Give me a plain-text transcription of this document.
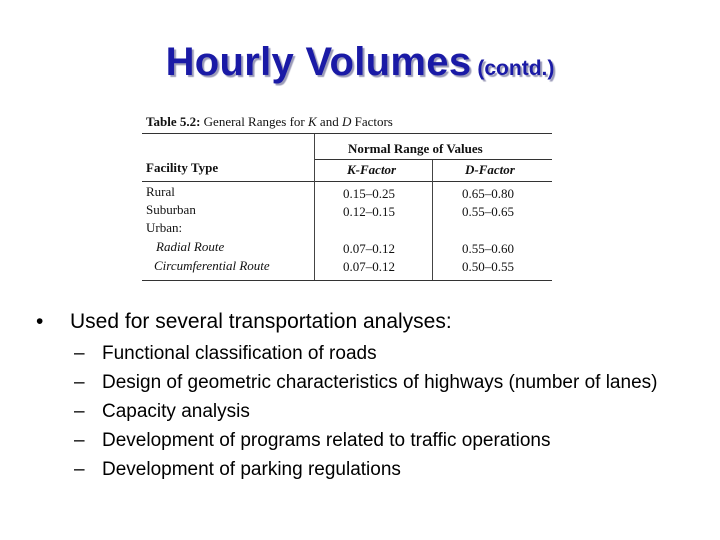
Hourly Volumes (contd.)
Table 5.2: General Ranges for K and D Factors
Normal Range of Values
Facility Type	K-Factor	D-Factor
Rural	0.15–0.25	0.65–0.80
Suburban	0.12–0.15	0.55–0.65
Urban:
Radial Route	0.07–0.12	0.55–0.60
Circumferential Route	0.07–0.12	0.50–0.55
• Used for several transportation analyses:
– Functional classification of roads
– Design of geometric characteristics of highways (number of lanes)
– Capacity analysis
– Development of programs related to traffic operations
– Development of parking regulations
